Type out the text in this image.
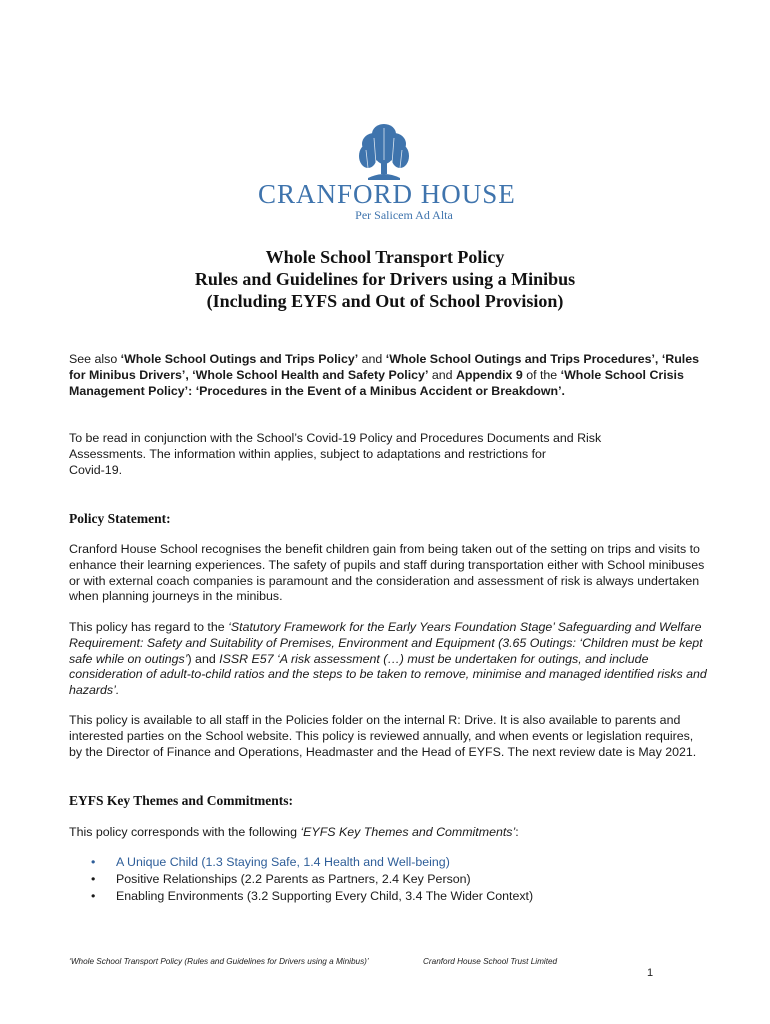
CRANFORD HOUSE
Per Salicem Ad Alta
Whole School Transport Policy
Rules and Guidelines for Drivers using a Minibus
(Including EYFS and Out of School Provision)
See also ‘Whole School Outings and Trips Policy’ and ‘Whole School Outings and Trips Procedures’, ‘Rules for Minibus Drivers’, ‘Whole School Health and Safety Policy’ and Appendix 9 of the ‘Whole School Crisis Management Policy’: ‘Procedures in the Event of a Minibus Accident or Breakdown’.
To be read in conjunction with the School’s Covid-19 Policy and Procedures Documents and Risk
Assessments. The information within applies, subject to adaptations and restrictions for
Covid-19.
Policy Statement:
Cranford House School recognises the benefit children gain from being taken out of the setting on trips and visits to enhance their learning experiences. The safety of pupils and staff during transportation either with School minibuses or with external coach companies is paramount and the consideration and assessment of risk is always undertaken when planning journeys in the minibus.
This policy has regard to the ‘Statutory Framework for the Early Years Foundation Stage’ Safeguarding and Welfare Requirement: Safety and Suitability of Premises, Environment and Equipment (3.65 Outings: ‘Children must be kept safe while on outings’) and ISSR E57 ‘A risk assessment (…) must be undertaken for outings, and include consideration of adult-to-child ratios and the steps to be taken to remove, minimise and managed identified risks and hazards’.
This policy is available to all staff in the Policies folder on the internal R: Drive. It is also available to parents and interested parties on the School website. This policy is reviewed annually, and when events or legislation requires, by the Director of Finance and Operations, Headmaster and the Head of EYFS. The next review date is May 2021.
EYFS Key Themes and Commitments:
This policy corresponds with the following ‘EYFS Key Themes and Commitments’:
• A Unique Child (1.3 Staying Safe, 1.4 Health and Well-being)
• Positive Relationships (2.2 Parents as Partners, 2.4 Key Person)
• Enabling Environments (3.2 Supporting Every Child, 3.4 The Wider Context)
‘Whole School Transport Policy (Rules and Guidelines for Drivers using a Minibus)’	Cranford House School Trust Limited
1
